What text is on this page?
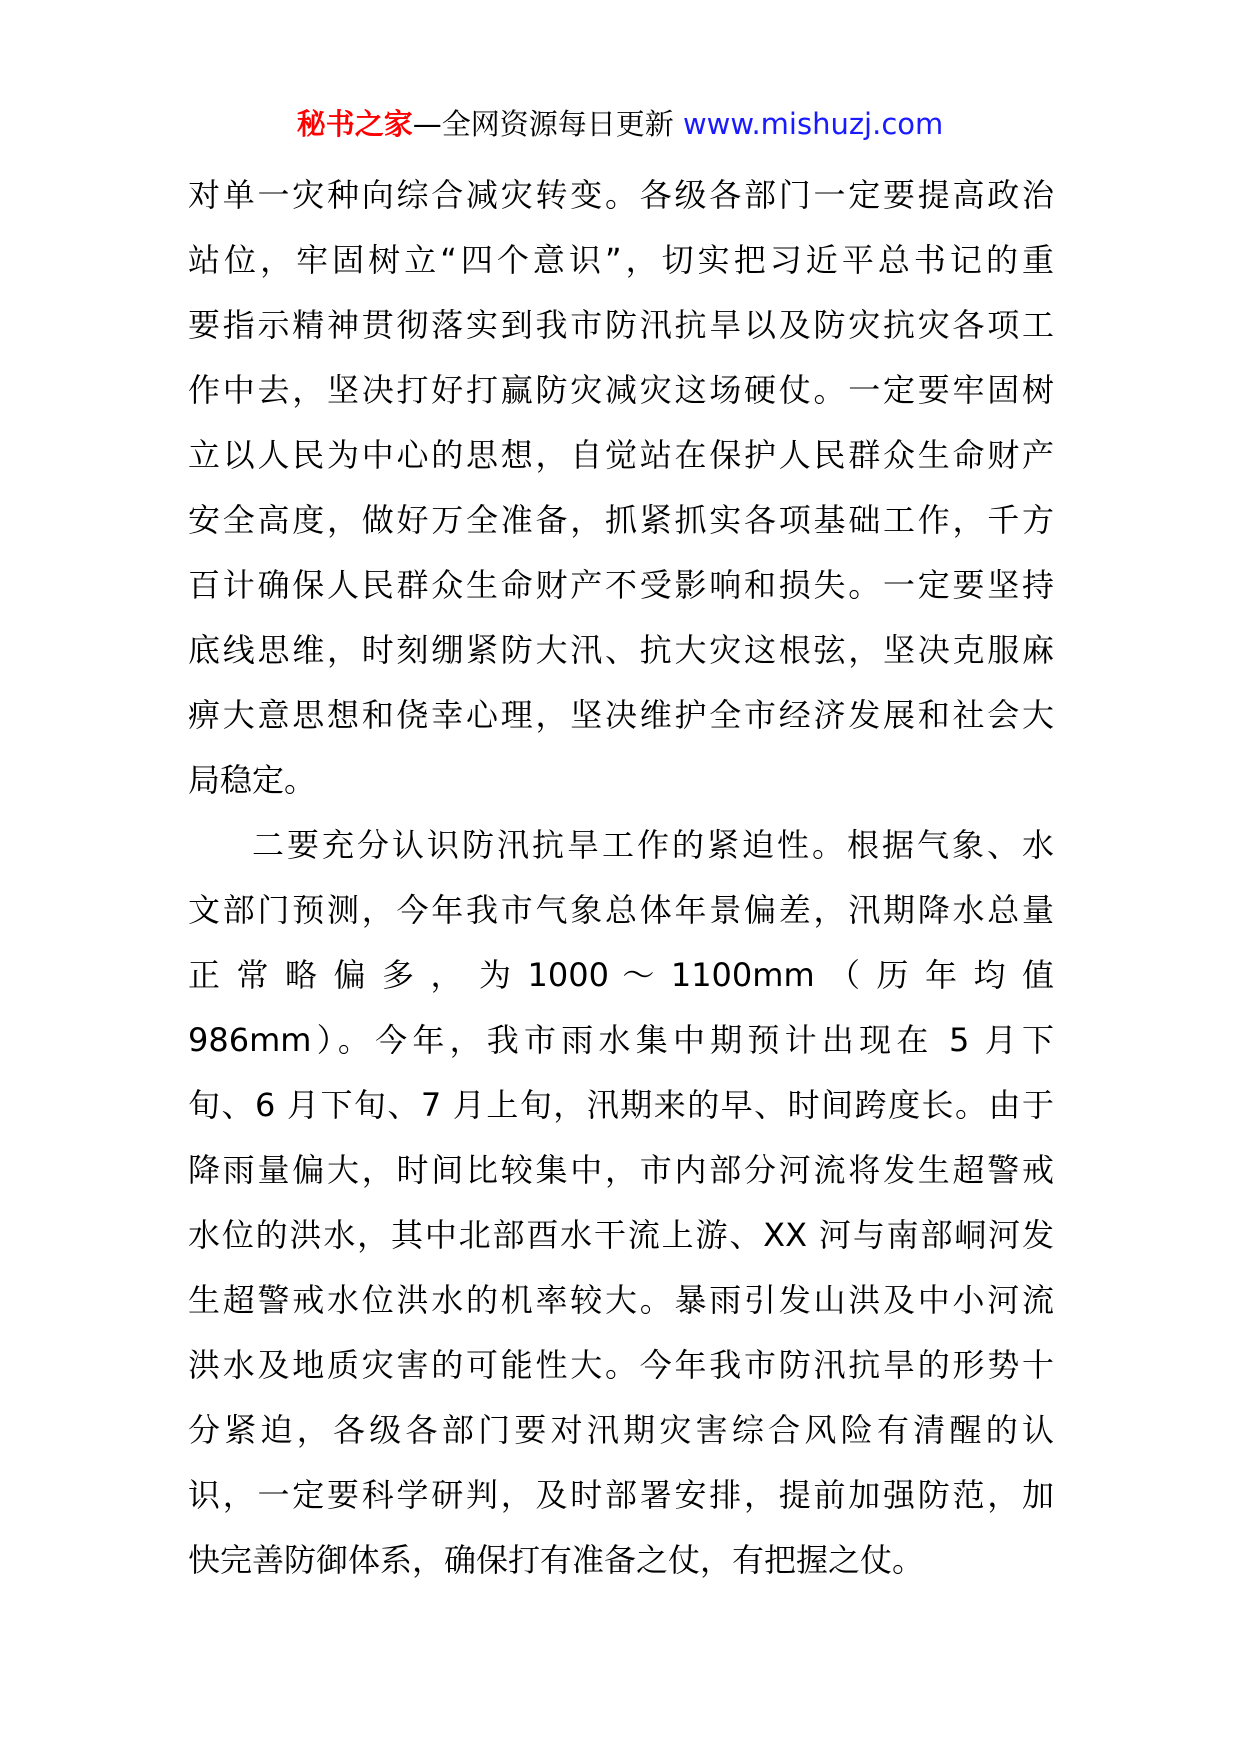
秘书之家—全网资源每日更新 www.mishuzj.com
对单一灾种向综合减灾转变。各级各部门一定要提高政治
站位，牢固树立“四个意识”，切实把习近平总书记的重
要指示精神贯彻落实到我市防汛抗旱以及防灾抗灾各项工
作中去，坚决打好打赢防灾减灾这场硬仗。一定要牢固树
立以人民为中心的思想，自觉站在保护人民群众生命财产
安全高度，做好万全准备，抓紧抓实各项基础工作，千方
百计确保人民群众生命财产不受影响和损失。一定要坚持
底线思维，时刻绷紧防大汛、抗大灾这根弦，坚决克服麻
痹大意思想和侥幸心理，坚决维护全市经济发展和社会大
局稳定。
二要充分认识防汛抗旱工作的紧迫性。根据气象、水
文部门预测，今年我市气象总体年景偏差，汛期降水总量
正 常 略 偏 多 ， 为 1000 ～ 1100mm （ 历 年 均 值
986mm）。今年，我市雨水集中期预计出现在 5 月下
旬、6 月下旬、7 月上旬，汛期来的早、时间跨度长。由于
降雨量偏大，时间比较集中，市内部分河流将发生超警戒
水位的洪水，其中北部酉水干流上游、XX 河与南部峒河发
生超警戒水位洪水的机率较大。暴雨引发山洪及中小河流
洪水及地质灾害的可能性大。今年我市防汛抗旱的形势十
分紧迫，各级各部门要对汛期灾害综合风险有清醒的认
识，一定要科学研判，及时部署安排，提前加强防范，加
快完善防御体系，确保打有准备之仗，有把握之仗。
